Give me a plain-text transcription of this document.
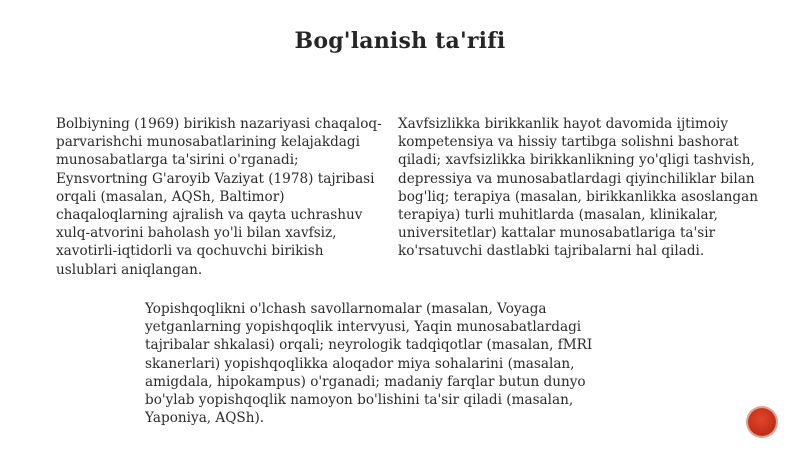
Bog'lanish ta'rifi

Bolbiyning (1969) birikish nazariyasi chaqaloq-parvarishchi munosabatlarining kelajakdagi munosabatlarga ta'sirini o'rganadi; Eynsvortning G'aroyib Vaziyat (1978) tajribasi orqali (masalan, AQSh, Baltimor) chaqaloqlarning ajralish va qayta uchrashuv xulq-atvorini baholash yo'li bilan xavfsiz, xavotirli-iqtidorli va qochuvchi birikish uslublari aniqlangan.

Xavfsizlikka birikkanlik hayot davomida ijtimoiy kompetensiya va hissiy tartibga solishni bashorat qiladi; xavfsizlikka birikkanlikning yo'qligi tashvish, depressiya va munosabatlardagi qiyinchiliklar bilan bog'liq; terapiya (masalan, birikkanlikka asoslangan terapiya) turli muhitlarda (masalan, klinikalar, universitetlar) kattalar munosabatlariga ta'sir ko'rsatuvchi dastlabki tajribalarni hal qiladi.

Yopishqoqlikni o'lchash savollarnomalar (masalan, Voyaga yetganlarning yopishqoqlik intervyusi, Yaqin munosabatlardagi tajribalar shkalasi) orqali; neyrologik tadqiqotlar (masalan, fMRI skanerlari) yopishqoqlikka aloqador miya sohalarini (masalan, amigdala, hipokampus) o'rganadi; madaniy farqlar butun dunyo bo'ylab yopishqoqlik namoyon bo'lishini ta'sir qiladi (masalan, Yaponiya, AQSh).
